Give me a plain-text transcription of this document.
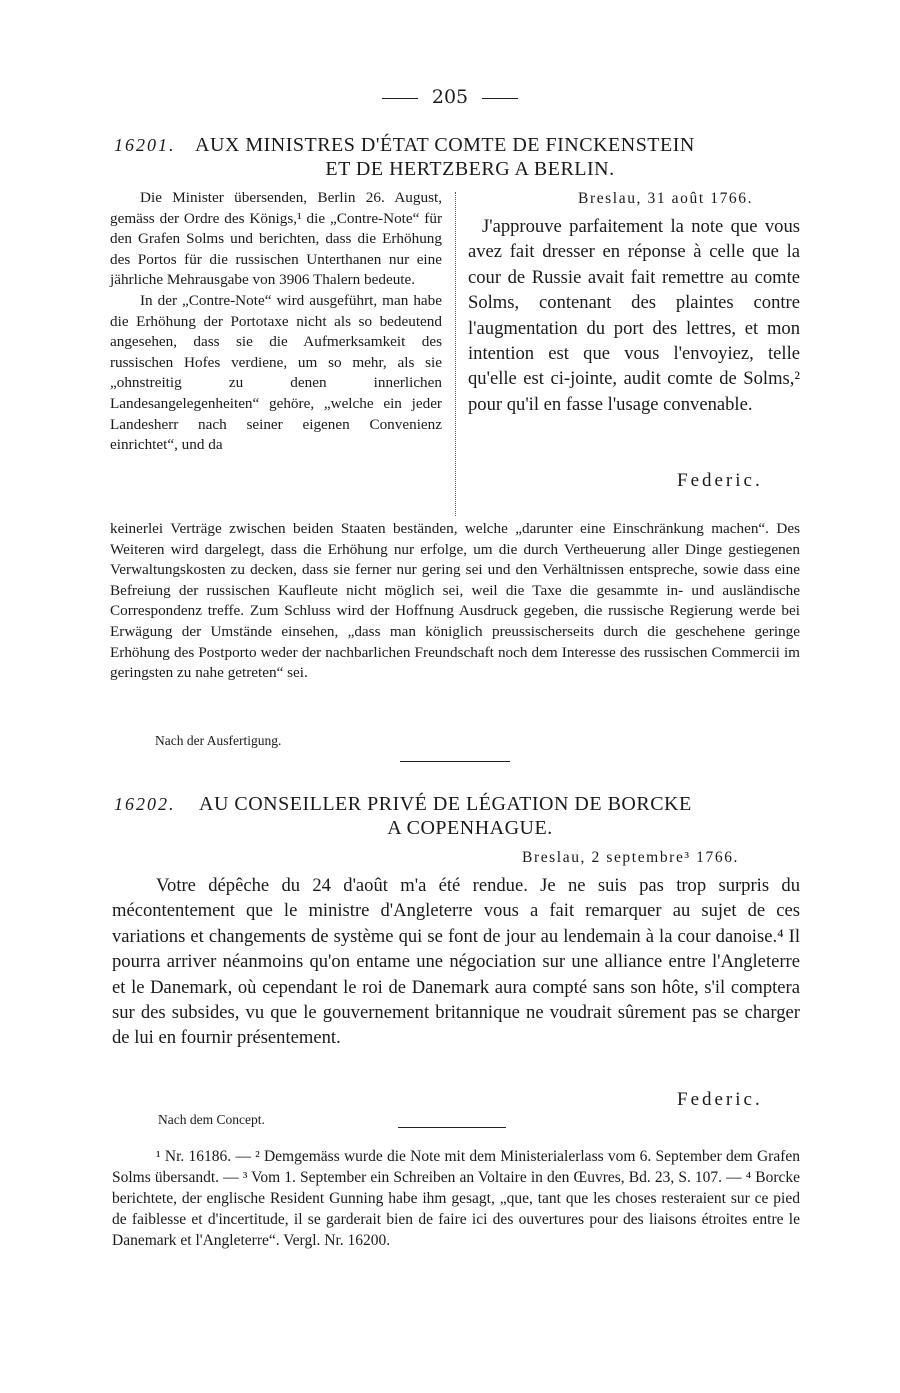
205
16201. AUX MINISTRES D'ÉTAT COMTE DE FINCKENSTEIN
ET DE HERTZBERG A BERLIN.

Die Minister übersenden, Berlin 26. August, gemäss der Ordre des Königs,¹ die „Contre-Note“ für den Grafen Solms und berichten, dass die Erhöhung des Portos für die russischen Unterthanen nur eine jährliche Mehrausgabe von 3906 Thalern bedeute.

In der „Contre-Note“ wird ausgeführt, man habe die Erhöhung der Portotaxe nicht als so bedeutend angesehen, dass sie die Aufmerksamkeit des russischen Hofes verdiene, um so mehr, als sie „ohnstreitig zu denen innerlichen Landesangelegenheiten“ gehöre, „welche ein jeder Landesherr nach seiner eigenen Convenienz einrichtet“, und da

Breslau, 31 août 1766.
J'approuve parfaitement la note que vous avez fait dresser en réponse à celle que la cour de Russie avait fait remettre au comte Solms, contenant des plaintes contre l'augmentation du port des lettres, et mon intention est que vous l'envoyiez, telle qu'elle est ci-jointe, audit comte de Solms,² pour qu'il en fasse l'usage convenable.
Federic.
keinerlei Verträge zwischen beiden Staaten beständen, welche „darunter eine Einschränkung machen“. Des Weiteren wird dargelegt, dass die Erhöhung nur erfolge, um die durch Vertheuerung aller Dinge gestiegenen Verwaltungskosten zu decken, dass sie ferner nur gering sei und den Verhältnissen entspreche, sowie dass eine Befreiung der russischen Kaufleute nicht möglich sei, weil die Taxe die gesammte in- und ausländische Correspondenz treffe. Zum Schluss wird der Hoffnung Ausdruck gegeben, die russische Regierung werde bei Erwägung der Umstände einsehen, „dass man königlich preussischerseits durch die geschehene geringe Erhöhung des Postporto weder der nachbarlichen Freundschaft noch dem Interesse des russischen Commercii im geringsten zu nahe getreten“ sei.
Nach der Ausfertigung.
16202. AU CONSEILLER PRIVÉ DE LÉGATION DE BORCKE
A COPENHAGUE.
Breslau, 2 septembre³ 1766.
Votre dépêche du 24 d'août m'a été rendue. Je ne suis pas trop surpris du mécontentement que le ministre d'Angleterre vous a fait remarquer au sujet de ces variations et changements de système qui se font de jour au lendemain à la cour danoise.⁴ Il pourra arriver néanmoins qu'on entame une négociation sur une alliance entre l'Angleterre et le Danemark, où cependant le roi de Danemark aura compté sans son hôte, s'il comptera sur des subsides, vu que le gouvernement britannique ne voudrait sûrement pas se charger de lui en fournir présentement.
Federic.
Nach dem Concept.
¹ Nr. 16186. — ² Demgemäss wurde die Note mit dem Ministerialerlass vom 6. September dem Grafen Solms übersandt. — ³ Vom 1. September ein Schreiben an Voltaire in den Œuvres, Bd. 23, S. 107. — ⁴ Borcke berichtete, der englische Resident Gunning habe ihm gesagt, „que, tant que les choses resteraient sur ce pied de faiblesse et d'incertitude, il se garderait bien de faire ici des ouvertures pour des liaisons étroites entre le Danemark et l'Angleterre“. Vergl. Nr. 16200.
